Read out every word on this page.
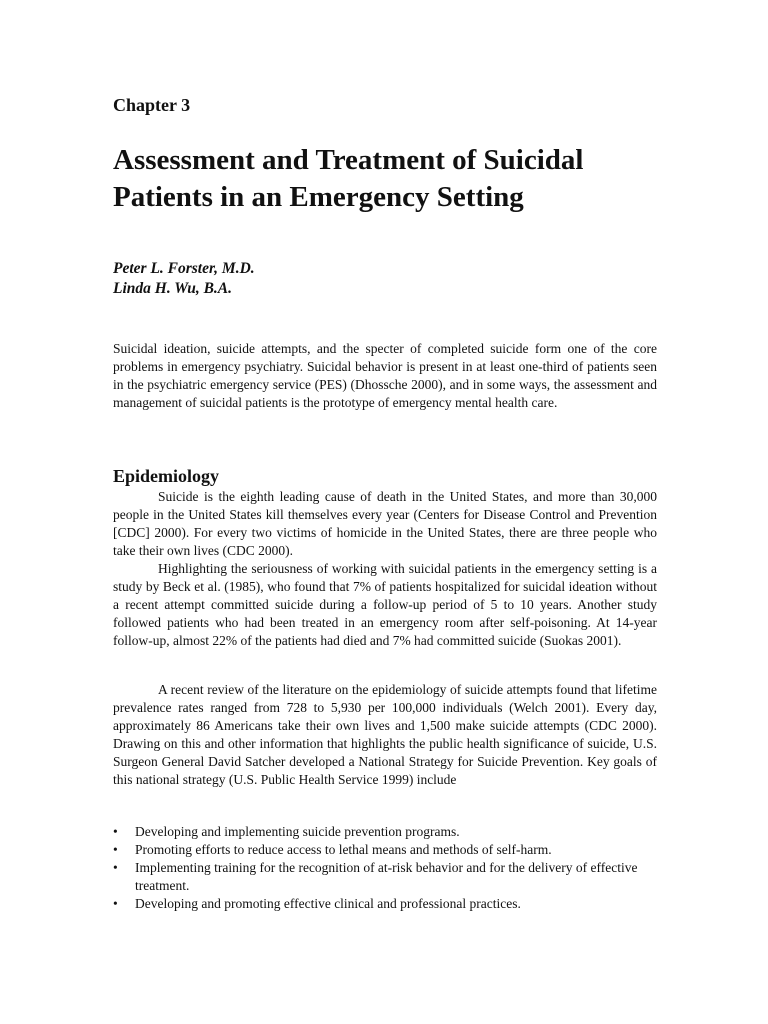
Chapter 3
Assessment and Treatment of Suicidal
Patients in an Emergency Setting
Peter L. Forster, M.D.
Linda H. Wu, B.A.

Suicidal ideation, suicide attempts, and the specter of completed suicide form one of the core problems in emergency psychiatry. Suicidal behavior is present in at least one-third of patients seen in the psychiatric emergency service (PES) (Dhossche 2000), and in some ways, the assessment and management of suicidal patients is the prototype of emergency mental health care.

Epidemiology

Suicide is the eighth leading cause of death in the United States, and more than 30,000 people in the United States kill themselves every year (Centers for Disease Control and Prevention [CDC] 2000). For every two victims of homicide in the United States, there are three people who take their own lives (CDC 2000).

Highlighting the seriousness of working with suicidal patients in the emergency setting is a study by Beck et al. (1985), who found that 7% of patients hospitalized for suicidal ideation without a recent attempt committed suicide during a follow-up period of 5 to 10 years. Another study followed patients who had been treated in an emergency room after self-poisoning. At 14-year follow-up, almost 22% of the patients had died and 7% had committed suicide (Suokas 2001).

A recent review of the literature on the epidemiology of suicide attempts found that lifetime prevalence rates ranged from 728 to 5,930 per 100,000 individuals (Welch 2001). Every day, approximately 86 Americans take their own lives and 1,500 make suicide attempts (CDC 2000). Drawing on this and other information that highlights the public health significance of suicide, U.S. Surgeon General David Satcher developed a National Strategy for Suicide Prevention. Key goals of this national strategy (U.S. Public Health Service 1999) include

•	Developing and implementing suicide prevention programs.
•	Promoting efforts to reduce access to lethal means and methods of self-harm.
•	Implementing training for the recognition of at-risk behavior and for the delivery of effective treatment.
•	Developing and promoting effective clinical and professional practices.
